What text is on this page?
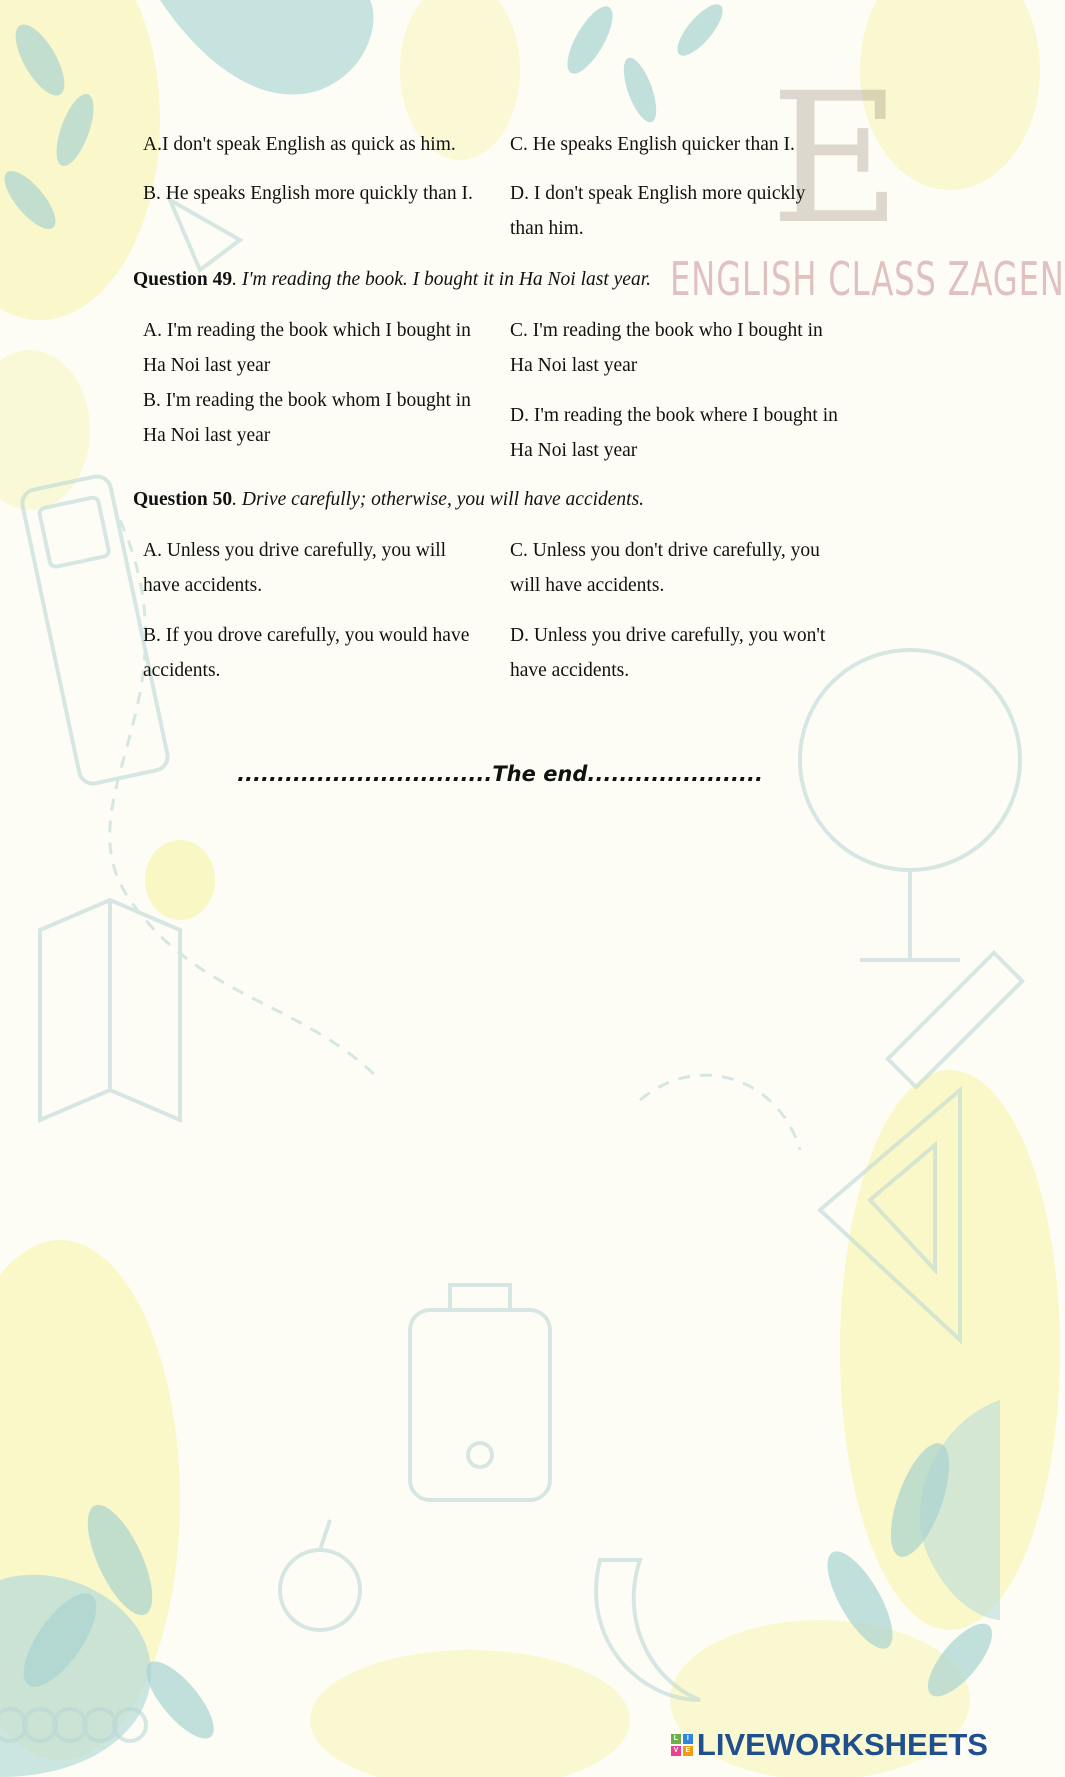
E
ENGLISH CLASS ZAGEN
A.I don't speak English as quick as him.	C. He speaks English quicker than I.
B. He speaks English more quickly than I. D. I don't speak English more quickly
than him.
Question 49. I'm reading the book. I bought it in Ha Noi last year.
A. I'm reading the book which I bought in
Ha Noi last year
B. I'm reading the book whom I bought in
Ha Noi last year
C. I'm reading the book who I bought in
Ha Noi last year
D. I'm reading the book where I bought in
Ha Noi last year
Question 50. Drive carefully; otherwise, you will have accidents.
A. Unless you drive carefully, you will
have accidents.
B. If you drove carefully, you would have
accidents.
C. Unless you don't drive carefully, you
will have accidents.
D. Unless you drive carefully, you won't
have accidents.
................................The end......................
L	I
V	E LIVEWORKSHEETS
